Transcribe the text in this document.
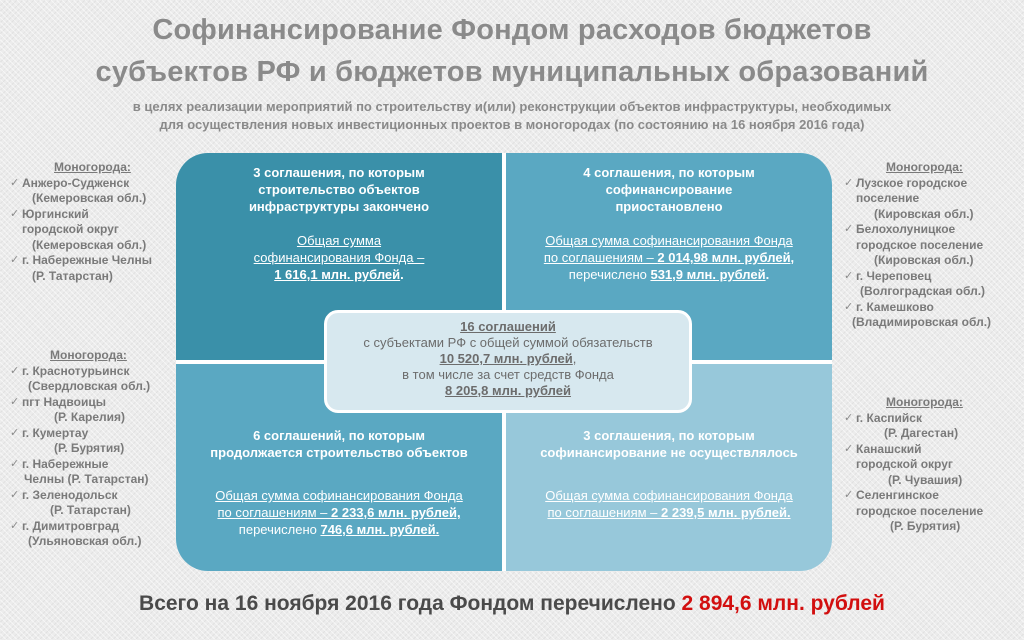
Софинансирование Фондом расходов бюджетов
субъектов РФ и бюджетов муниципальных образований
в целях реализации мероприятий по строительству и(или) реконструкции объектов инфраструктуры, необходимых
для осуществления новых инвестиционных проектов в моногородах (по состоянию на 16 ноября 2016 года)
Моногорода:
✓ Анжеро-Судженск
(Кемеровская обл.)
✓ Юргинский
городской округ
(Кемеровская обл.)
✓ г. Набережные Челны
(Р. Татарстан)
Моногорода:
✓ г. Краснотурьинск
(Свердловская обл.)
✓ пгт Надвоицы
(Р. Карелия)
✓ г. Кумертау
(Р. Бурятия)
✓ г. Набережные
Челны (Р. Татарстан)
✓ г. Зеленодольск
(Р. Татарстан)
✓ г. Димитровград
(Ульяновская обл.)
Моногорода:
✓ Лузское городское
поселение
(Кировская обл.)
✓ Белохолуницкое
городское поселение
(Кировская обл.)
✓ г. Череповец
(Волгоградская обл.)
✓ г. Камешково
(Владимировская обл.)
Моногорода:
✓ г. Каспийск
(Р. Дагестан)
✓ Канашский
городской округ
(Р. Чувашия)
✓ Селенгинское
городское поселение
(Р. Бурятия)
3 соглашения, по которым
строительство объектов
инфраструктуры закончено
Общая сумма
софинансирования Фонда –
1 616,1 млн. рублей.
4 соглашения, по которым
софинансирование
приостановлено
Общая сумма софинансирования Фонда
по соглашениям – 2 014,98 млн. рублей,
перечислено 531,9 млн. рублей.
6 соглашений, по которым
продолжается строительство объектов
Общая сумма софинансирования Фонда
по соглашениям – 2 233,6 млн. рублей,
перечислено 746,6 млн. рублей.
3 соглашения, по которым
софинансирование не осуществлялось
Общая сумма софинансирования Фонда
по соглашениям – 2 239,5 млн. рублей.
16 соглашений
с субъектами РФ с общей суммой обязательств
10 520,7 млн. рублей,
в том числе за счет средств Фонда
8 205,8 млн. рублей
Всего на 16 ноября 2016 года Фондом перечислено 2 894,6 млн. рублей
